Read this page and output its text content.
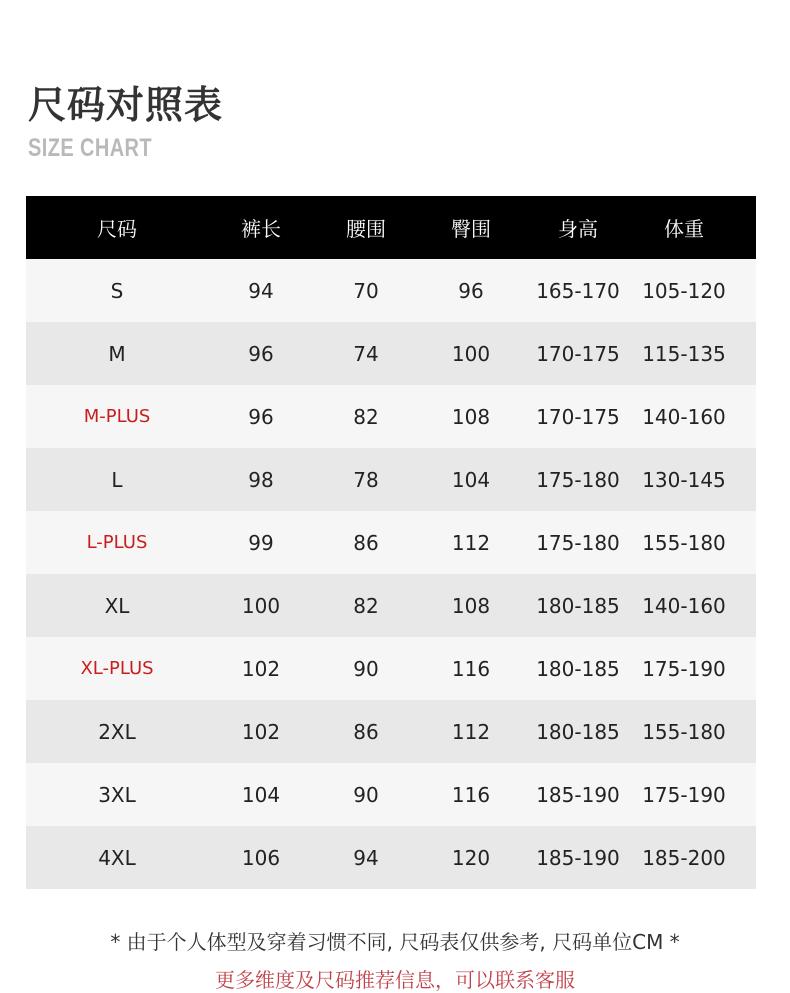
尺码对照表
SIZE CHART
尺码	裤长	腰围	臀围	身高	体重	
S	94	70	96	165-170	105-120	
M	96	74	100	170-175	115-135	
M-PLUS	96	82	108	170-175	140-160	
L	98	78	104	175-180	130-145	
L-PLUS	99	86	112	175-180	155-180	
XL	100	82	108	180-185	140-160	
XL-PLUS	102	90	116	180-185	175-190	
2XL	102	86	112	180-185	155-180	
3XL	104	90	116	185-190	175-190	
4XL	106	94	120	185-190	185-200	
* 由于个人体型及穿着习惯不同, 尺码表仅供参考, 尺码单位CM *
更多维度及尺码推荐信息，可以联系客服
